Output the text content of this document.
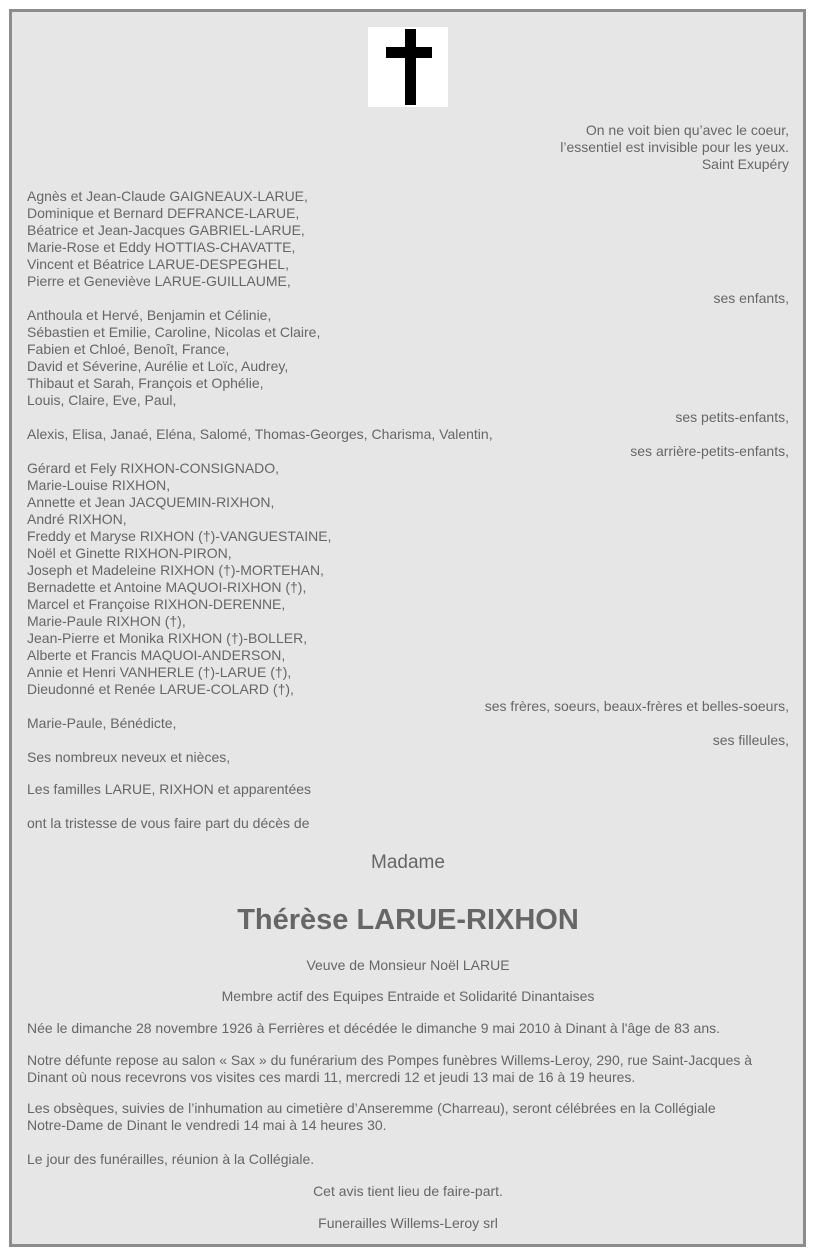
On ne voit bien qu’avec le coeur,
l’essentiel est invisible pour les yeux.
Saint Exupéry
Agnès et Jean-Claude GAIGNEAUX-LARUE,
Dominique et Bernard DEFRANCE-LARUE,
Béatrice et Jean-Jacques GABRIEL-LARUE,
Marie-Rose et Eddy HOTTIAS-CHAVATTE,
Vincent et Béatrice LARUE-DESPEGHEL,
Pierre et Geneviève LARUE-GUILLAUME,
ses enfants,
Anthoula et Hervé, Benjamin et Célinie,
Sébastien et Emilie, Caroline, Nicolas et Claire,
Fabien et Chloé, Benoît, France,
David et Séverine, Aurélie et Loïc, Audrey,
Thibaut et Sarah, François et Ophélie,
Louis, Claire, Eve, Paul,
ses petits-enfants,
Alexis, Elisa, Janaé, Eléna, Salomé, Thomas-Georges, Charisma, Valentin,
ses arrière-petits-enfants,
Gérard et Fely RIXHON-CONSIGNADO,
Marie-Louise RIXHON,
Annette et Jean JACQUEMIN-RIXHON,
André RIXHON,
Freddy et Maryse RIXHON (†)-VANGUESTAINE,
Noël et Ginette RIXHON-PIRON,
Joseph et Madeleine RIXHON (†)-MORTEHAN,
Bernadette et Antoine MAQUOI-RIXHON (†),
Marcel et Françoise RIXHON-DERENNE,
Marie-Paule RIXHON (†),
Jean-Pierre et Monika RIXHON (†)-BOLLER,
Alberte et Francis MAQUOI-ANDERSON,
Annie et Henri VANHERLE (†)-LARUE (†),
Dieudonné et Renée LARUE-COLARD (†),
ses frères, soeurs, beaux-frères et belles-soeurs,
Marie-Paule, Bénédicte,
ses filleules,
Ses nombreux neveux et nièces,
Les familles LARUE, RIXHON et apparentées
ont la tristesse de vous faire part du décès de
Madame
Thérèse LARUE-RIXHON
Veuve de Monsieur Noël LARUE
Membre actif des Equipes Entraide et Solidarité Dinantaises
Née le dimanche 28 novembre 1926 à Ferrières et décédée le dimanche 9 mai 2010 à Dinant à l'âge de 83 ans.
Notre défunte repose au salon « Sax » du funérarium des Pompes funèbres Willems-Leroy, 290, rue Saint-Jacques à
Dinant où nous recevrons vos visites ces mardi 11, mercredi 12 et jeudi 13 mai de 16 à 19 heures.
Les obsèques, suivies de l’inhumation au cimetière d’Anseremme (Charreau), seront célébrées en la Collégiale
Notre-Dame de Dinant le vendredi 14 mai à 14 heures 30.
Le jour des funérailles, réunion à la Collégiale.
Cet avis tient lieu de faire-part.
Funerailles Willems-Leroy srl
